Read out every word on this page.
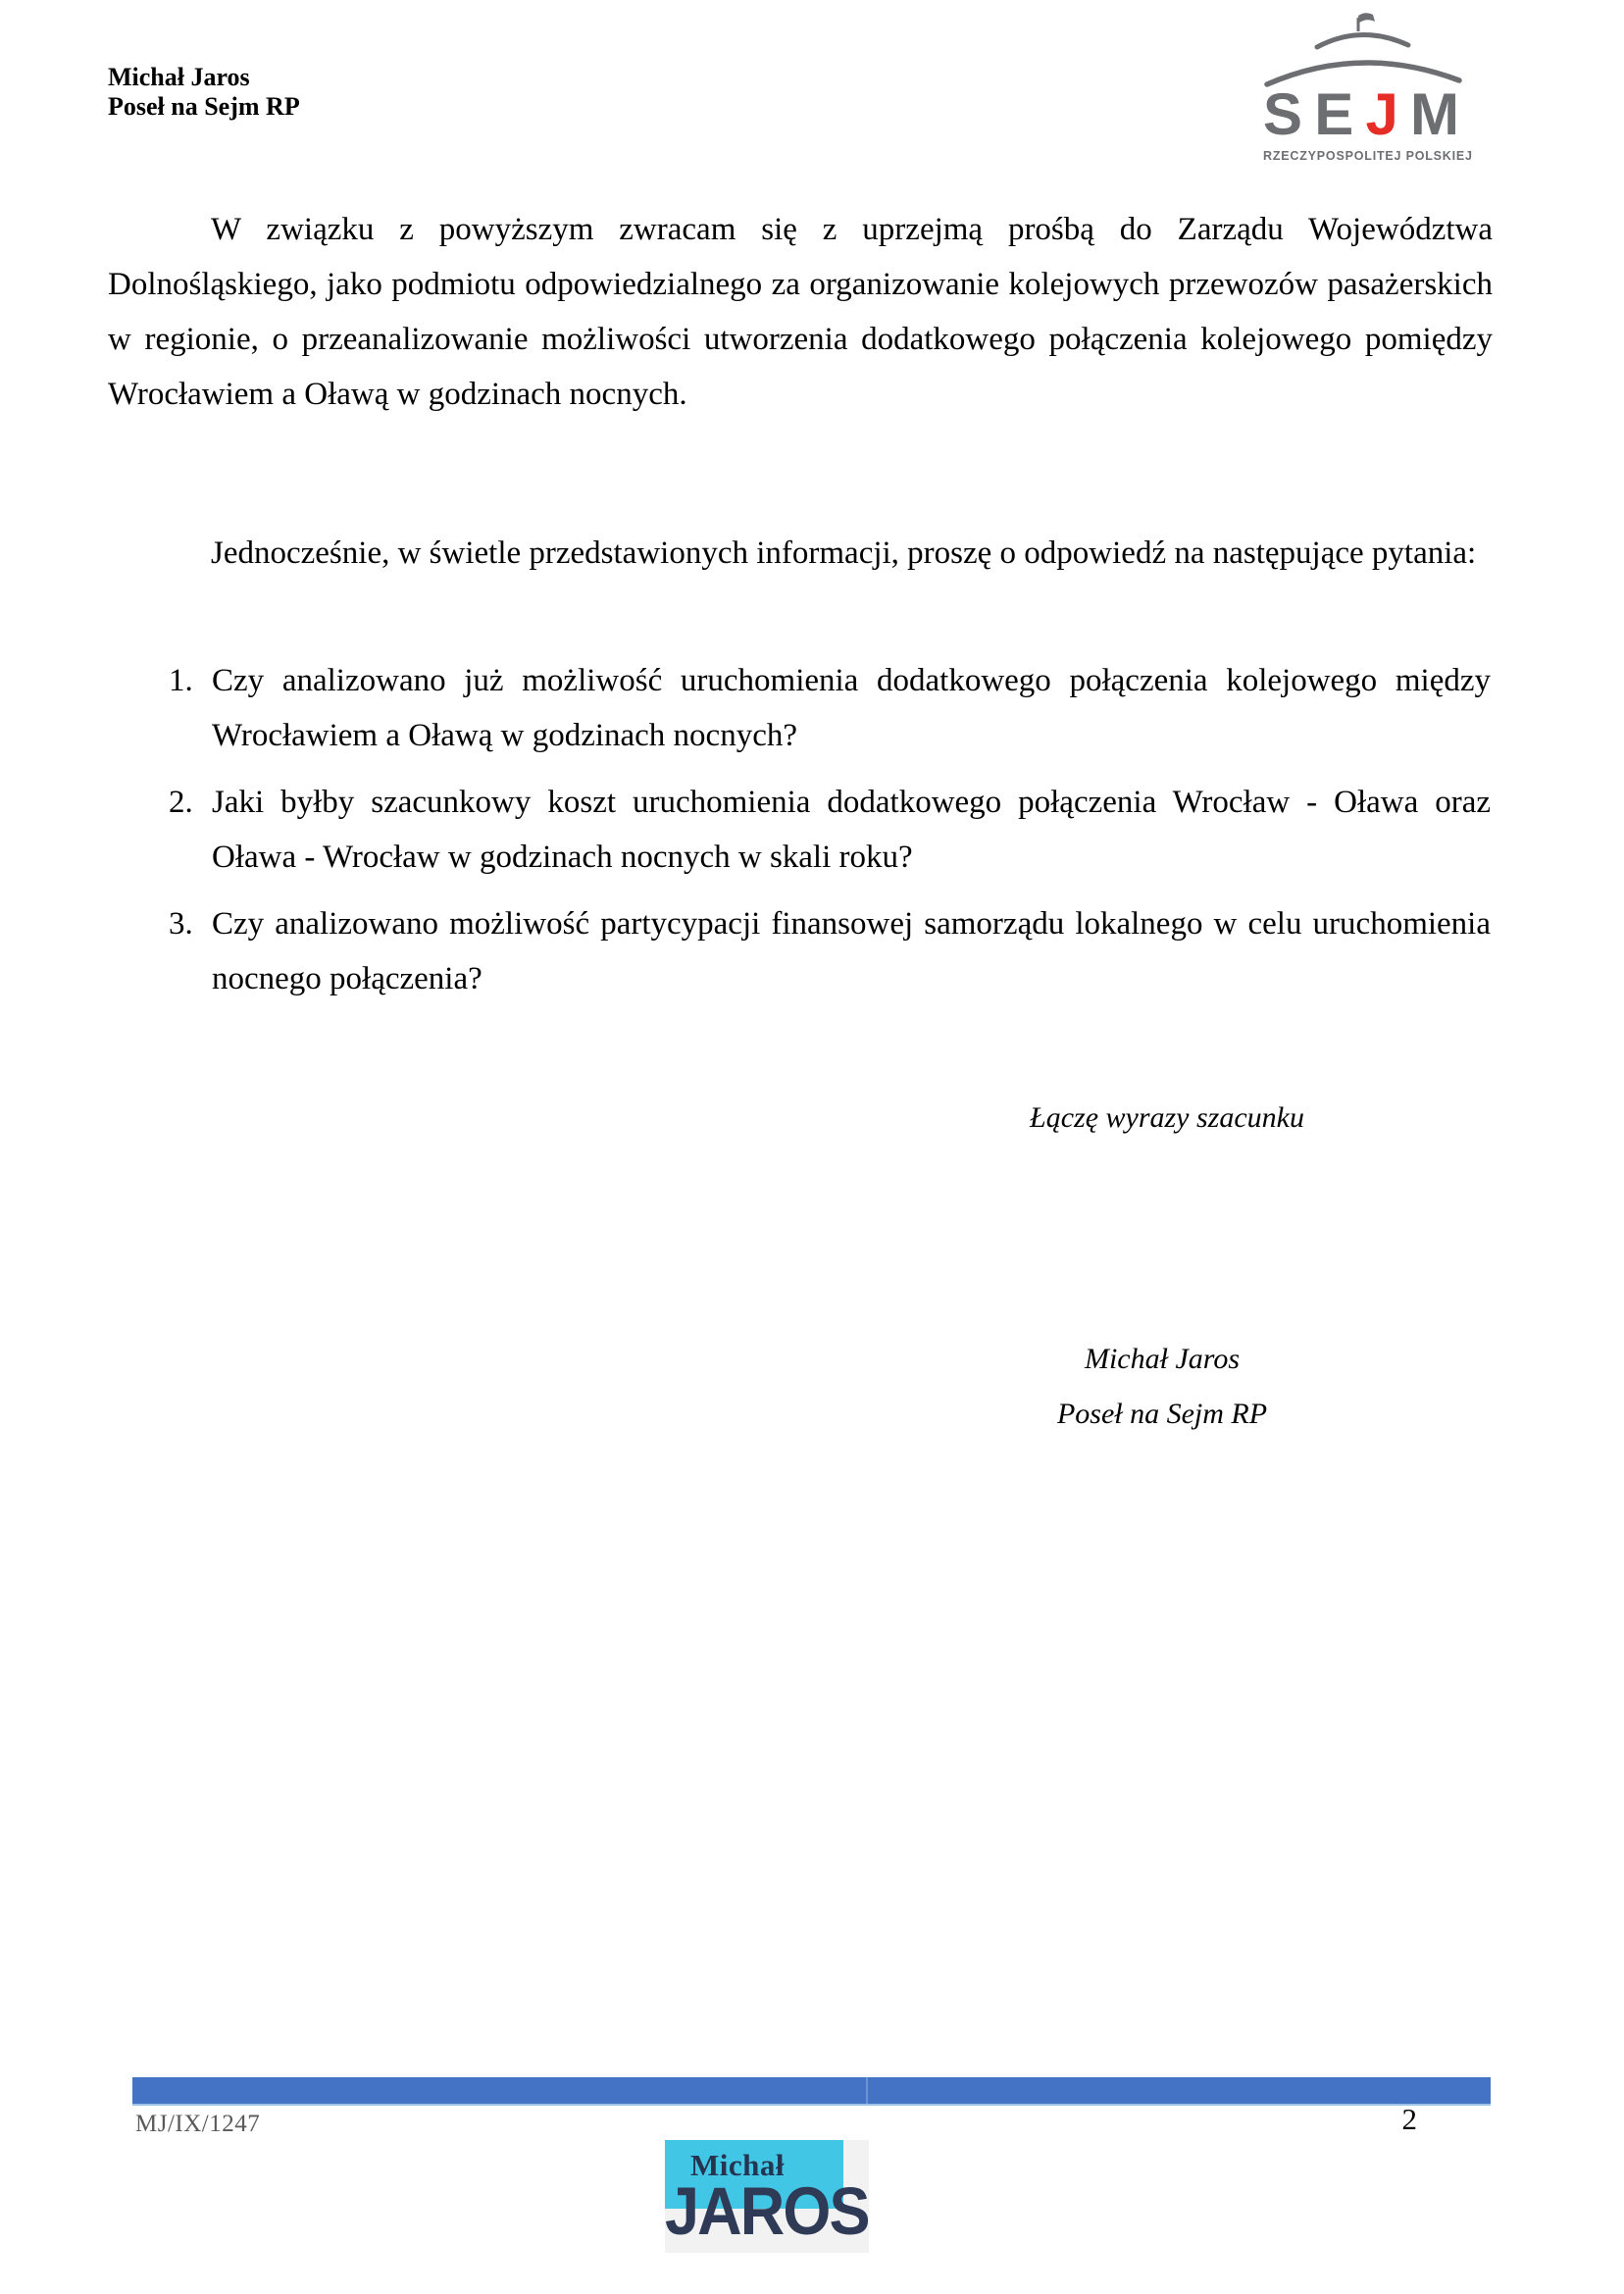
Michał Jaros
Poseł na Sejm RP	S E J M
RZECZYPOSPOLITEJ POLSKIEJ

W związku z powyższym zwracam się z uprzejmą prośbą do Zarządu Województwa Dolnośląskiego, jako podmiotu odpowiedzialnego za organizowanie kolejowych przewozów pasażerskich w regionie, o przeanalizowanie możliwości utworzenia dodatkowego połączenia kolejowego pomiędzy Wrocławiem a Oławą w godzinach nocnych.

Jednocześnie, w świetle przedstawionych informacji, proszę o odpowiedź na następujące pytania:

1. Czy analizowano już możliwość uruchomienia dodatkowego połączenia kolejowego między Wrocławiem a Oławą w godzinach nocnych?
2. Jaki byłby szacunkowy koszt uruchomienia dodatkowego połączenia Wrocław - Oława oraz Oława - Wrocław w godzinach nocnych w skali roku?
3. Czy analizowano możliwość partycypacji finansowej samorządu lokalnego w celu uruchomienia nocnego połączenia?
Łączę wyrazy szacunku
Michał Jaros
Poseł na Sejm RP
MJ/IX/1247	2
Michał
JAROS
